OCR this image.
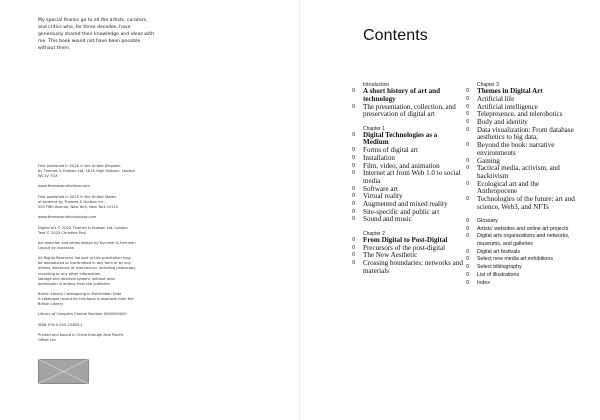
My special thanks go to all the artists, curators, and critics who, for three decades, have generously shared their knowledge and ideas with me. This book would not have been possible without them.

First published in 202X in the United Kingdom
by Thames & Hudson Ltd, 181A High Holborn, London
WC1V 7QX

www.thamesandhudson.com

First published in 202X in the United States
of America by Thames & Hudson Inc.,
500 Fifth Avenue, New York, New York 10110

www.thamesandhudsonusa.com

Digital Art © 202X Thames & Hudson Ltd, London
Text © 2025 Christine Paul

Art direction and series design by Kummer & Herrman
Layout by xxxxxxxx

All Rights Reserved. No part of this publication may
be reproduced or transmitted in any form or by any
means, electronic or mechanical, including photocopy,
recording or any other information
storage and retrieval system, without prior
permission in writing from the publisher.

British Library Cataloguing-in-Publication Data
A catalogue record for this book is available from the
British Library

Library of Congress Control Number 0000000000

ISBN 978-0-500-20480-1

Printed and bound in China through Asia Pacific
Offset Ltd

Contents
Introduction
0	A short history of art and technology
0	The presentation, collection, and preservation of digital art
Chapter 1
0	Digital Technologies as a Medium
0	Forms of digital art
0	Installation
0	Film, video, and animation
0	Internet art from Web 1.0 to social media
0	Software art
0	Virtual reality
0	Augmented and mixed reality
0	Site-specific and public art
0	Sound and music
Chapter 2
0	From Digital to Post-Digital
0	Precursors of the post-digital
0	The New Aesthetic
0	Crossing boundaries: networks and materials
Chapter 3
0	Themes in Digital Art
0	Artificial life
0	Artificial intelligence
0	Telepresence, and telerobotics
0	Body and identity
0	Data visualization: From database aesthetics to big data,
0	Beyond the book: narrative environments
0	Gaming
0	Tactical media, activism, and hacktivism
0	Ecological art and the Anthropocene
0	Technologies of the future: art and science, Web3, and NFTs
0	Glossary
0	Artists' websites and online art projects
0	Digital arts organizations and networks, museums, and galleries
0	Digital art festivals
0	Select new media art exhibitions
0	Select bibliography
0	List of illustrations
0	Index
